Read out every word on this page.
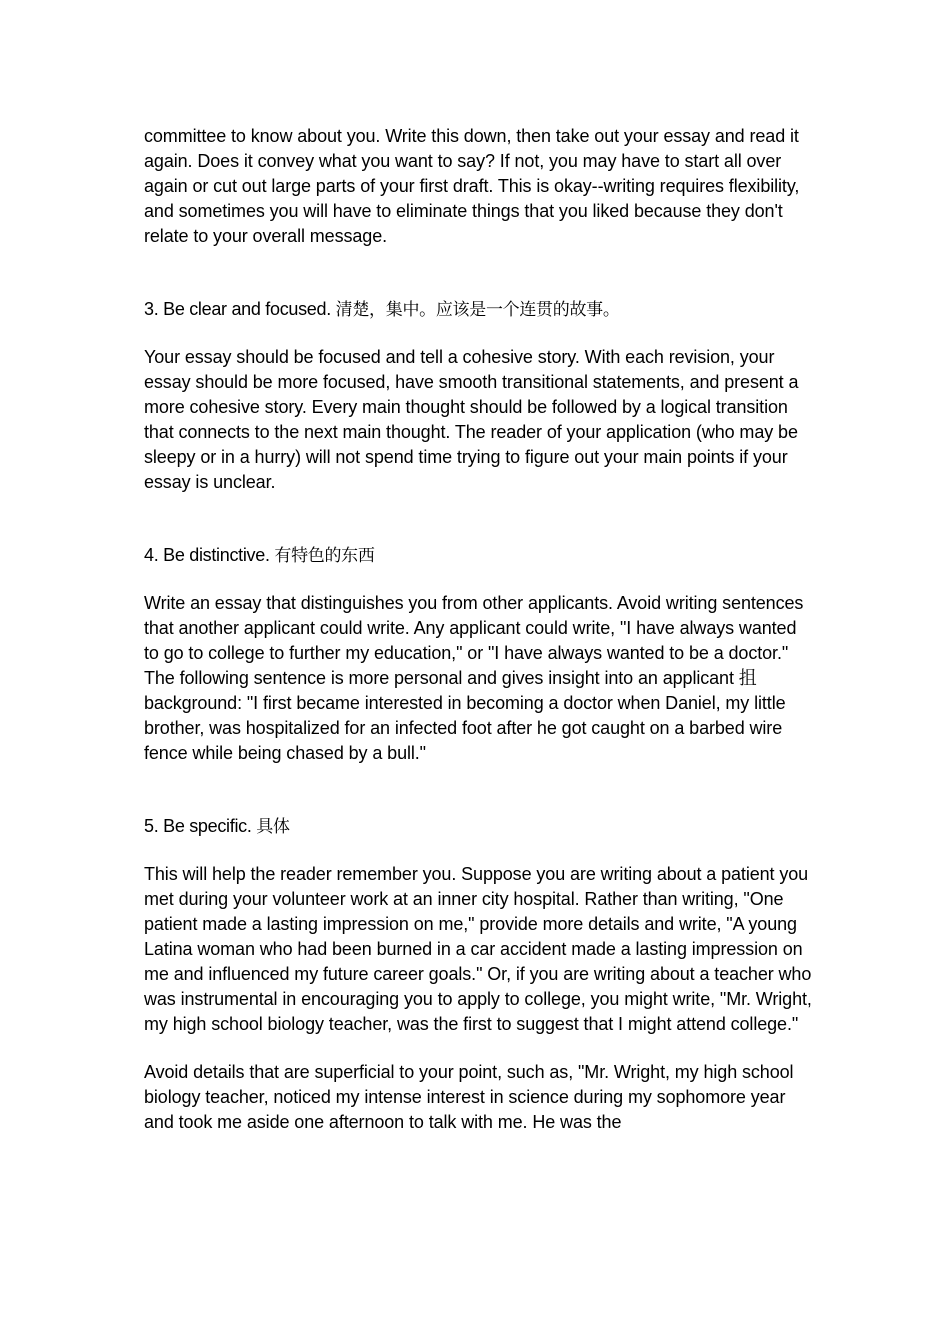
committee to know about you. Write this down, then take out your essay and read it again. Does it convey what you want to say? If not, you may have to start all over again or cut out large parts of your first draft. This is okay--writing requires flexibility, and sometimes you will have to eliminate things that you liked because they don't relate to your overall message.

3. Be clear and focused. 清楚，集中。应该是一个连贯的故事。

Your essay should be focused and tell a cohesive story. With each revision, your essay should be more focused, have smooth transitional statements, and present a more cohesive story. Every main thought should be followed by a logical transition that connects to the next main thought. The reader of your application (who may be sleepy or in a hurry) will not spend time trying to figure out your main points if your essay is unclear.

4. Be distinctive. 有特色的东西

Write an essay that distinguishes you from other applicants. Avoid writing sentences that another applicant could write. Any applicant could write, "I have always wanted to go to college to further my education," or "I have always wanted to be a doctor." The following sentence is more personal and gives insight into an applicant 抯 background: "I first became interested in becoming a doctor when Daniel, my little brother, was hospitalized for an infected foot after he got caught on a barbed wire fence while being chased by a bull."

5. Be specific. 具体

This will help the reader remember you. Suppose you are writing about a patient you met during your volunteer work at an inner city hospital. Rather than writing, "One patient made a lasting impression on me," provide more details and write, "A young Latina woman who had been burned in a car accident made a lasting impression on me and influenced my future career goals." Or, if you are writing about a teacher who was instrumental in encouraging you to apply to college, you might write, "Mr. Wright, my high school biology teacher, was the first to suggest that I might attend college."

Avoid details that are superficial to your point, such as, "Mr. Wright, my high school biology teacher, noticed my intense interest in science during my sophomore year and took me aside one afternoon to talk with me. He was the
